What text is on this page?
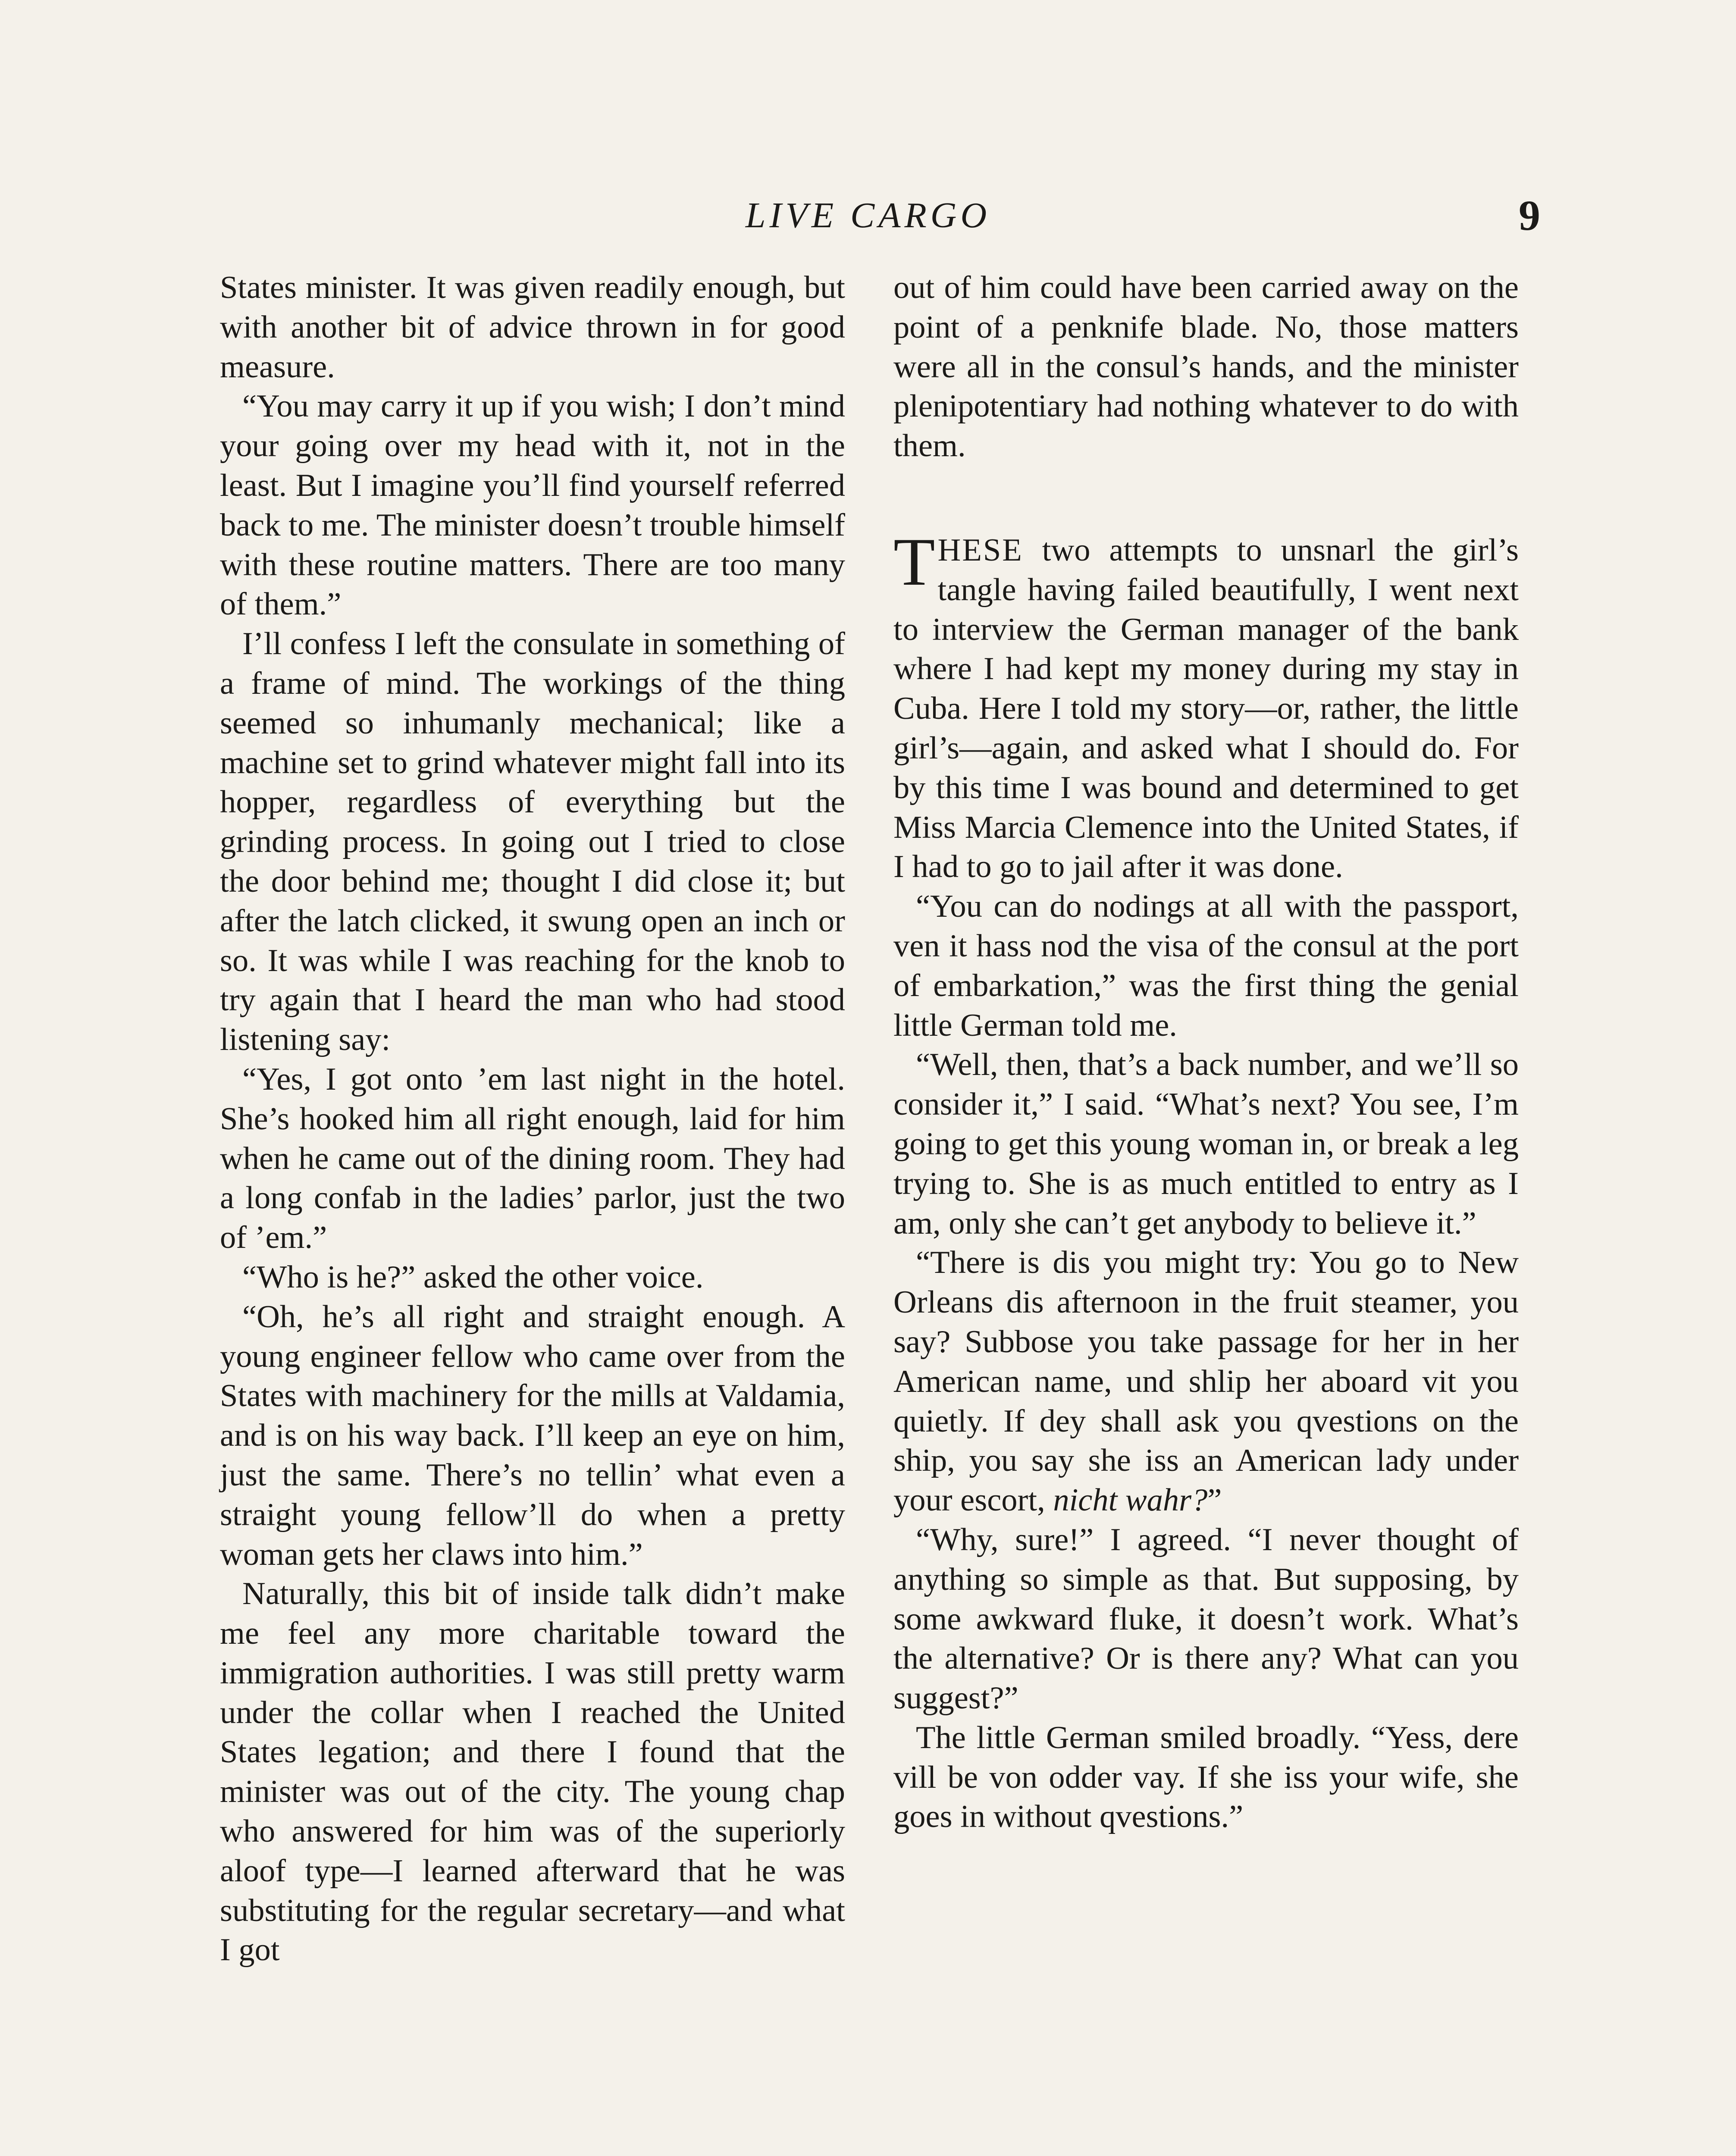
LIVE CARGO	9

States minister. It was given readily enough, but with another bit of advice thrown in for good measure.

“You may carry it up if you wish; I don’t mind your going over my head with it, not in the least. But I imagine you’ll find yourself referred back to me. The minister doesn’t trouble himself with these routine matters. There are too many of them.”

I’ll confess I left the consulate in something of a frame of mind. The workings of the thing seemed so inhumanly mechanical; like a machine set to grind whatever might fall into its hopper, regardless of everything but the grinding process. In going out I tried to close the door behind me; thought I did close it; but after the latch clicked, it swung open an inch or so. It was while I was reaching for the knob to try again that I heard the man who had stood listening say:

“Yes, I got onto ’em last night in the hotel. She’s hooked him all right enough, laid for him when he came out of the dining room. They had a long confab in the ladies’ parlor, just the two of ’em.”

“Who is he?” asked the other voice.

“Oh, he’s all right and straight enough. A young engineer fellow who came over from the States with machinery for the mills at Valdamia, and is on his way back. I’ll keep an eye on him, just the same. There’s no tellin’ what even a straight young fellow’ll do when a pretty woman gets her claws into him.”

Naturally, this bit of inside talk didn’t make me feel any more charitable toward the immigration authorities. I was still pretty warm under the collar when I reached the United States legation; and there I found that the minister was out of the city. The young chap who answered for him was of the superiorly aloof type—I learned afterward that he was substituting for the regular secretary—and what I got

out of him could have been carried away on the point of a penknife blade. No, those matters were all in the consul’s hands, and the minister plenipotentiary had nothing whatever to do with them.

THESE two attempts to unsnarl the girl’s tangle having failed beautifully, I went next to interview the German manager of the bank where I had kept my money during my stay in Cuba. Here I told my story—or, rather, the little girl’s—again, and asked what I should do. For by this time I was bound and determined to get Miss Marcia Clemence into the United States, if I had to go to jail after it was done.

“You can do nodings at all with the passport, ven it hass nod the visa of the consul at the port of embarkation,” was the first thing the genial little German told me.

“Well, then, that’s a back number, and we’ll so consider it,” I said. “What’s next? You see, I’m going to get this young woman in, or break a leg trying to. She is as much entitled to entry as I am, only she can’t get anybody to believe it.”

“There is dis you might try: You go to New Orleans dis afternoon in the fruit steamer, you say? Subbose you take passage for her in her American name, und shlip her aboard vit you quietly. If dey shall ask you qvestions on the ship, you say she iss an American lady under your escort, nicht wahr?”

“Why, sure!” I agreed. “I never thought of anything so simple as that. But supposing, by some awkward fluke, it doesn’t work. What’s the alternative? Or is there any? What can you suggest?”

The little German smiled broadly. “Yess, dere vill be von odder vay. If she iss your wife, she goes in without qvestions.”
